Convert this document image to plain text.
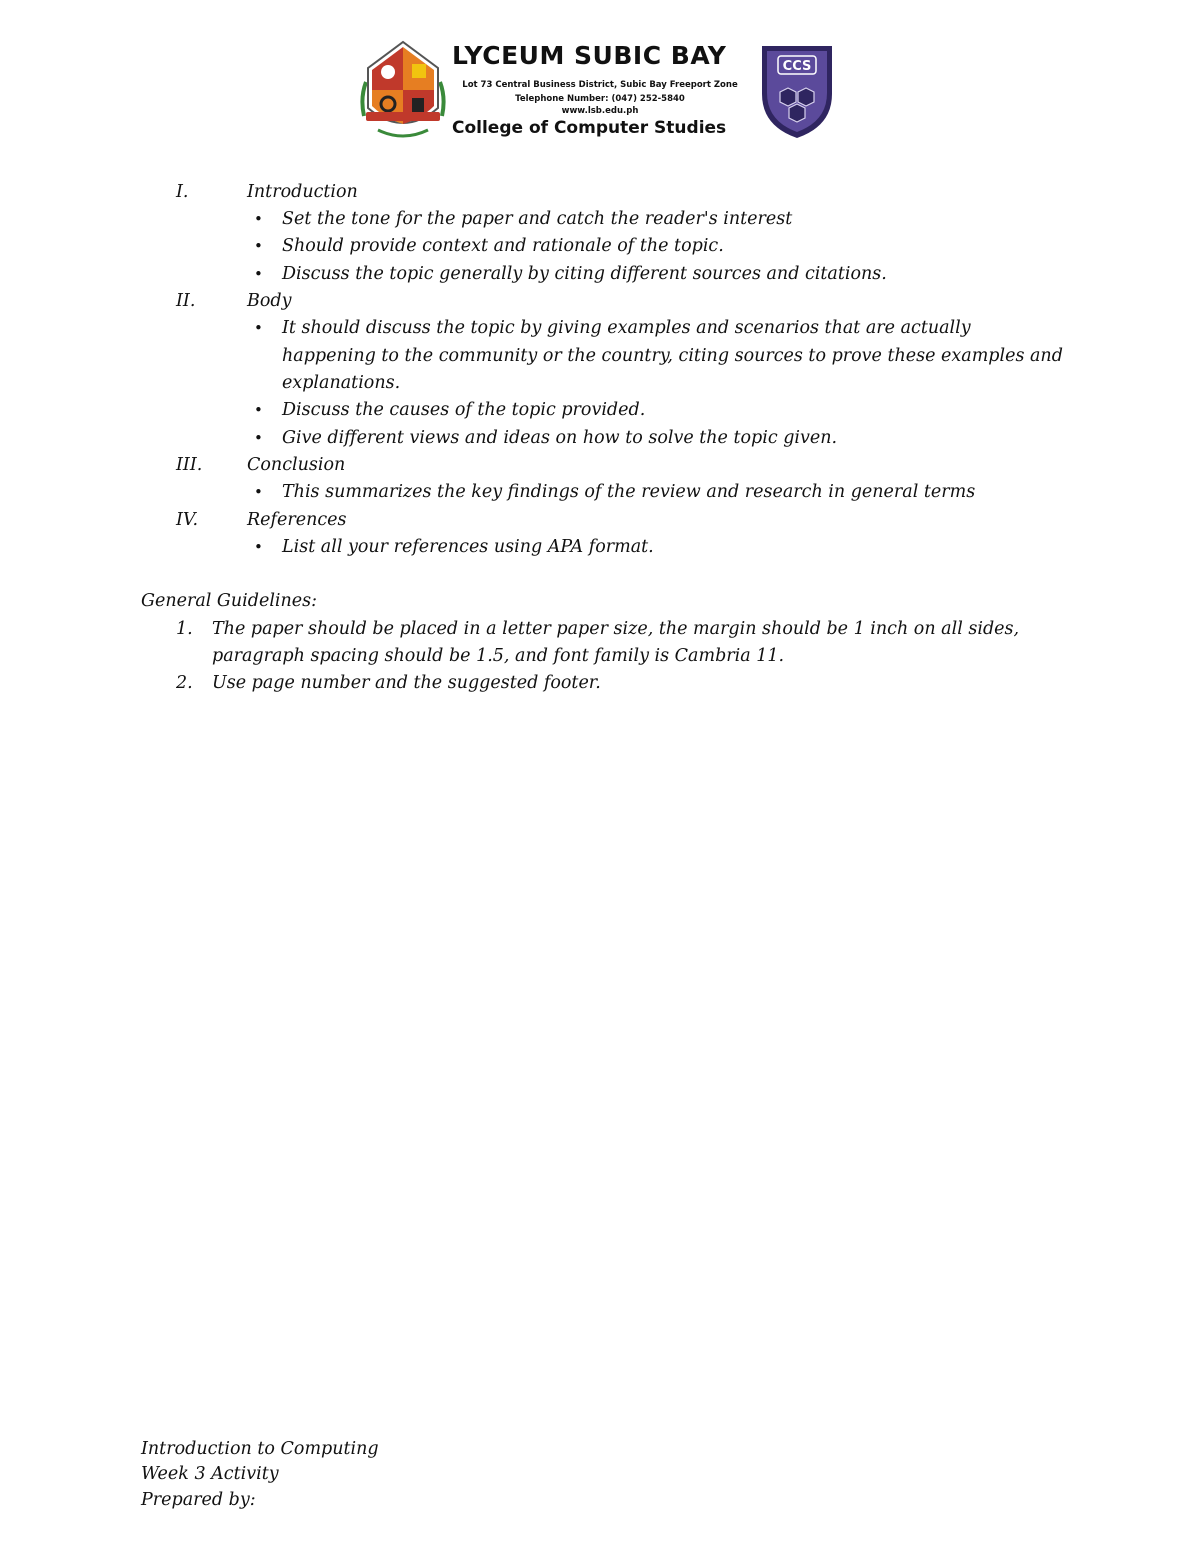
LYCEUM SUBIC BAY
Lot 73 Central Business District, Subic Bay Freeport Zone
Telephone Number: (047) 252-5840
www.lsb.edu.ph
College of Computer Studies
CCS
I.	Introduction
• Set the tone for the paper and catch the reader's interest
• Should provide context and rationale of the topic.
• Discuss the topic generally by citing different sources and citations.
II.	Body
• It should discuss the topic by giving examples and scenarios that are actually
happening to the community or the country, citing sources to prove these examples and
explanations.
• Discuss the causes of the topic provided.
• Give different views and ideas on how to solve the topic given.
III.	Conclusion
• This summarizes the key findings of the review and research in general terms
IV.	References
• List all your references using APA format.
General Guidelines:
1. The paper should be placed in a letter paper size, the margin should be 1 inch on all sides,
paragraph spacing should be 1.5, and font family is Cambria 11.
2. Use page number and the suggested footer.
Introduction to Computing
Week 3 Activity
Prepared by:
